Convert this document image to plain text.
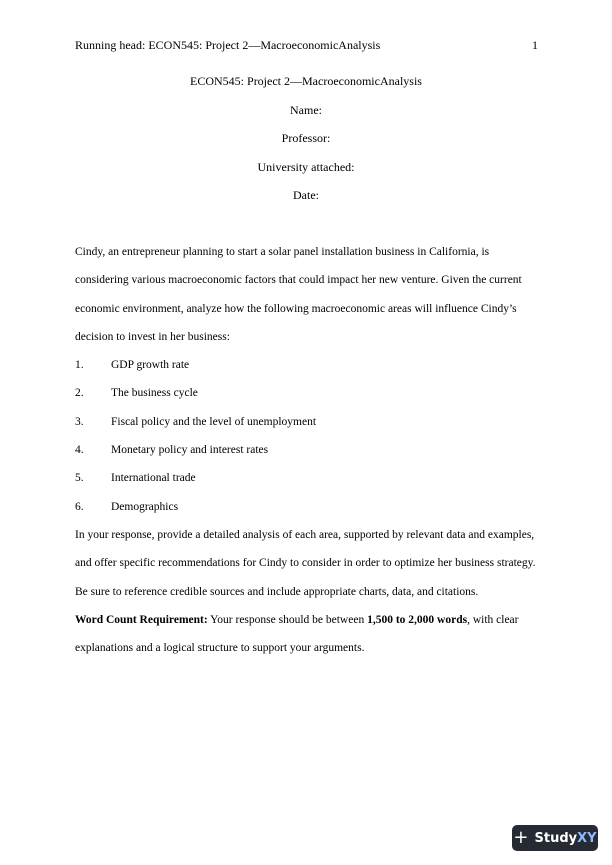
Running head: ECON545: Project 2—MacroeconomicAnalysis	1
ECON545: Project 2—MacroeconomicAnalysis
Name:
Professor:
University attached:
Date:

Cindy, an entrepreneur planning to start a solar panel installation business in California, is considering various macroeconomic factors that could impact her new venture. Given the current economic environment, analyze how the following macroeconomic areas will influence Cindy’s decision to invest in her business:

1.	GDP growth rate
2.	The business cycle
3.	Fiscal policy and the level of unemployment
4.	Monetary policy and interest rates
5.	International trade
6.	Demographics

In your response, provide a detailed analysis of each area, supported by relevant data and examples, and offer specific recommendations for Cindy to consider in order to optimize her business strategy. Be sure to reference credible sources and include appropriate charts, data, and citations.

Word Count Requirement: Your response should be between 1,500 to 2,000 words, with clear explanations and a logical structure to support your arguments.

+ StudyXY
